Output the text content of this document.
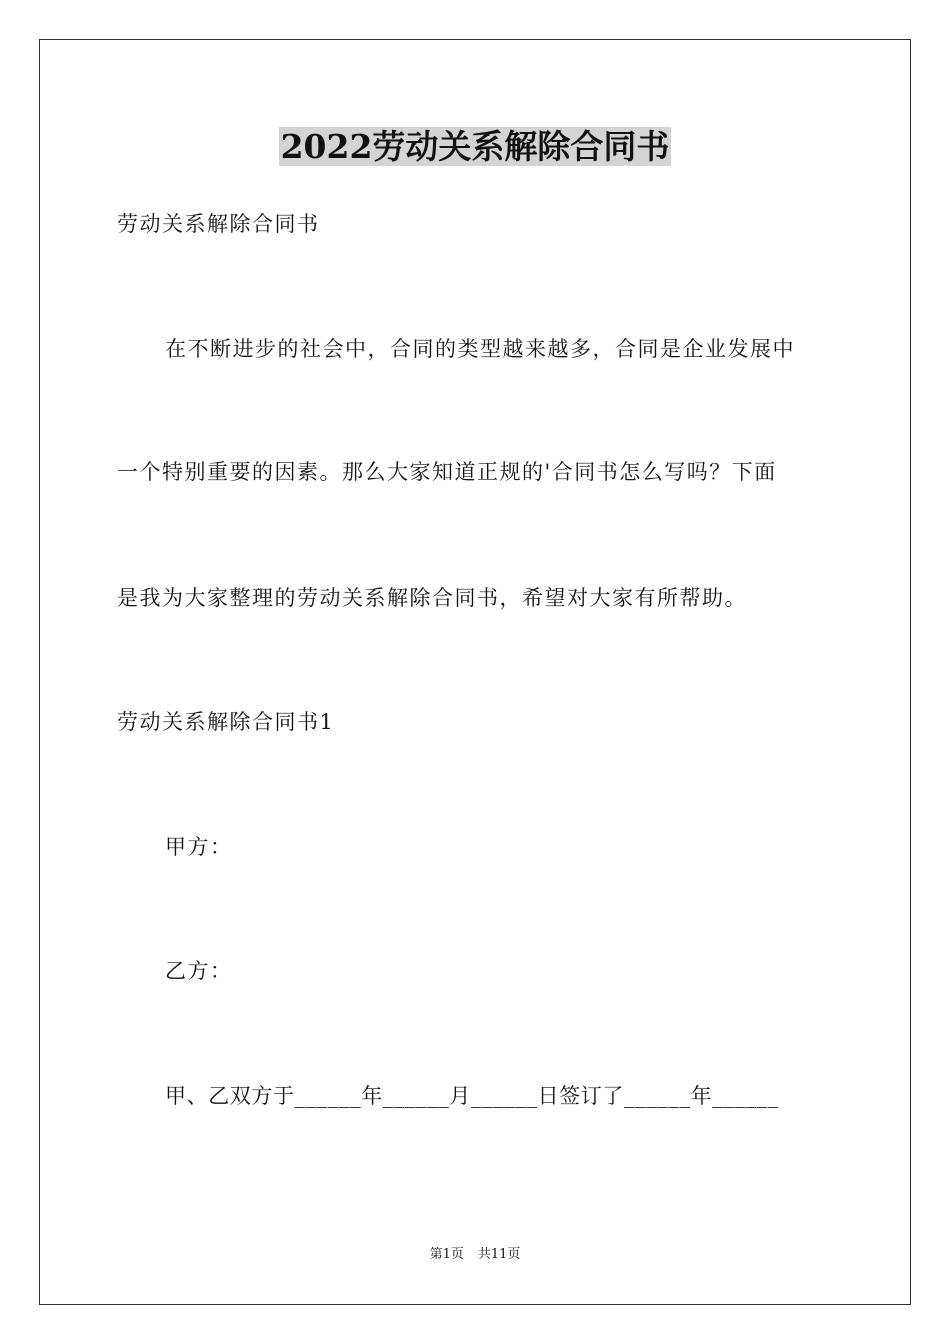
2022劳动关系解除合同书
劳动关系解除合同书
在不断进步的社会中，合同的类型越来越多，合同是企业发展中
一个特别重要的因素。那么大家知道正规的'合同书怎么写吗？下面
是我为大家整理的劳动关系解除合同书，希望对大家有所帮助。
劳动关系解除合同书1
甲方：
乙方：
甲、乙双方于______年______月______日签订了______年______
第1页 共11页
